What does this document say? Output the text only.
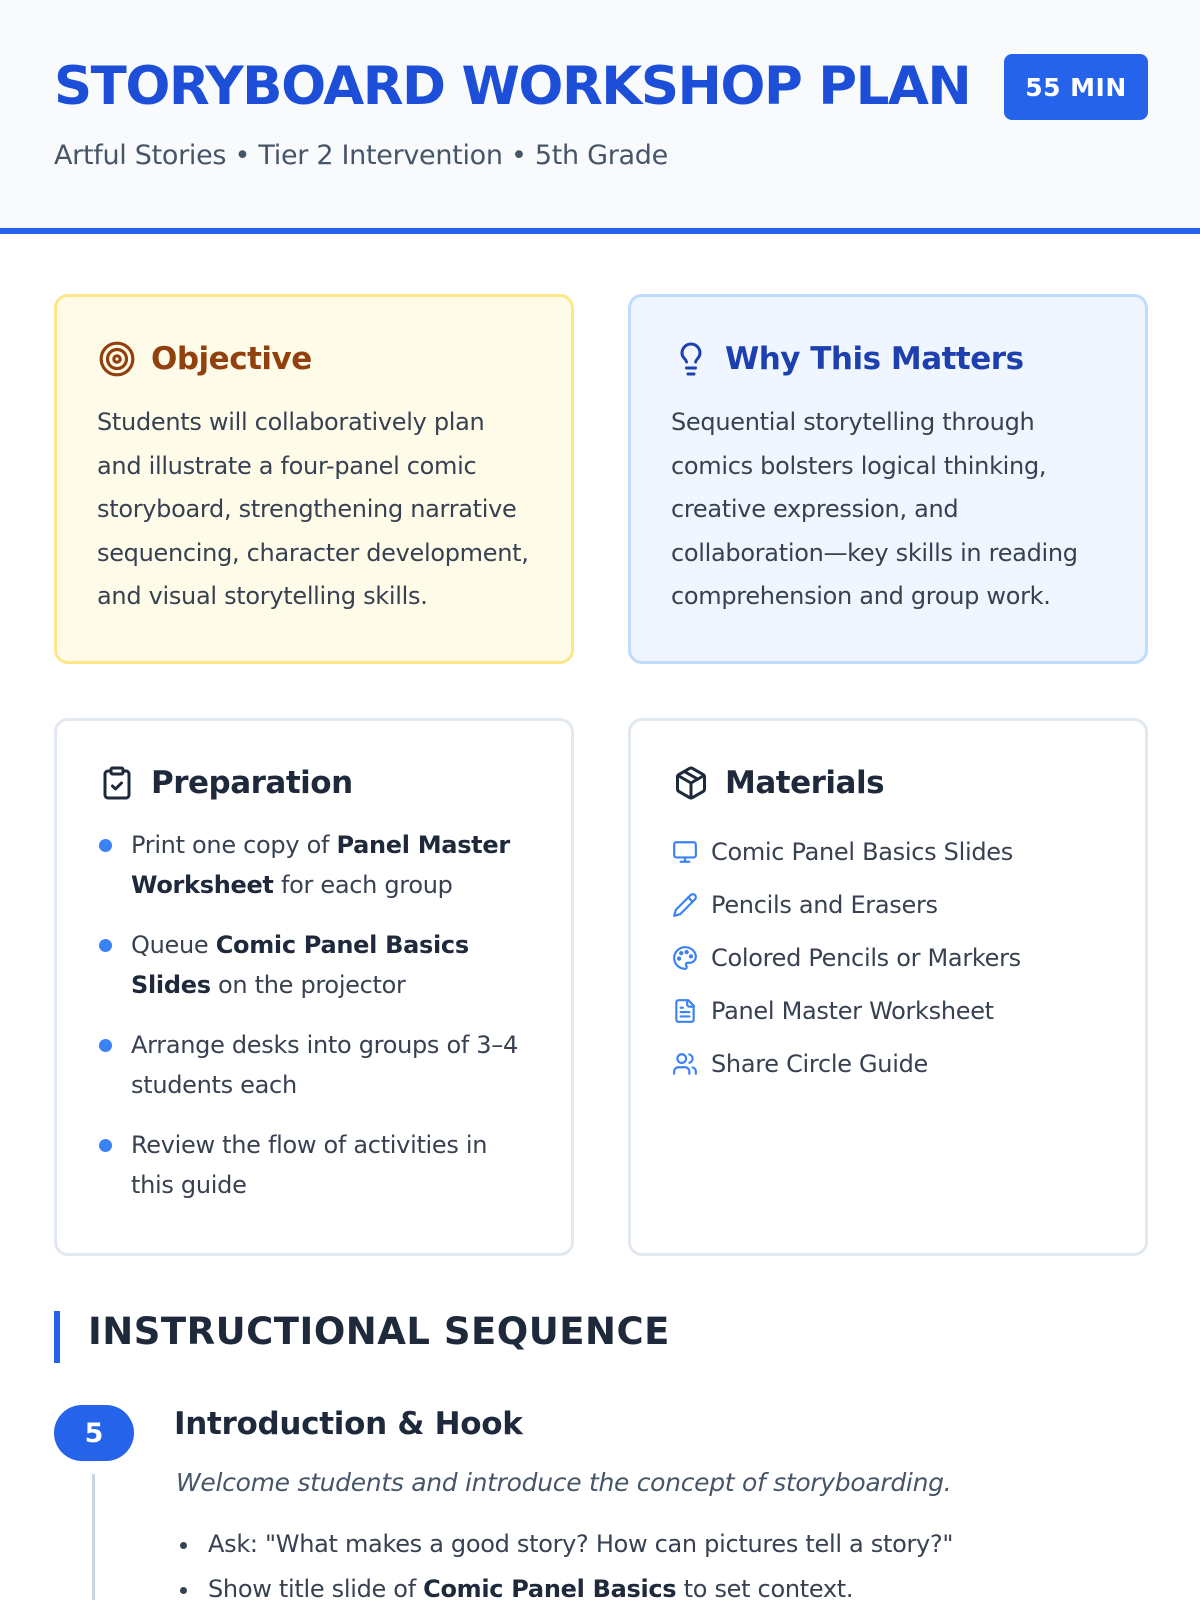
STORYBOARD WORKSHOP PLAN
Artful Stories • Tier 2 Intervention • 5th Grade
55 MIN
Objective

Students will collaboratively plan and illustrate a four-panel comic storyboard, strengthening narrative sequencing, character development, and visual storytelling skills.

Why This Matters

Sequential storytelling through comics bolsters logical thinking, creative expression, and collaboration—key skills in reading comprehension and group work.

Preparation
Print one copy of Panel Master Worksheet for each group
Queue Comic Panel Basics Slides on the projector
Arrange desks into groups of 3–4 students each
Review the flow of activities in this guide
Materials
Comic Panel Basics Slides
Pencils and Erasers
Colored Pencils or Markers
Panel Master Worksheet
Share Circle Guide
INSTRUCTIONAL SEQUENCE
5	Introduction & Hook

Welcome students and introduce the concept of storyboarding.

Ask: "What makes a good story? How can pictures tell a story?"
Show title slide of Comic Panel Basics to set context.
